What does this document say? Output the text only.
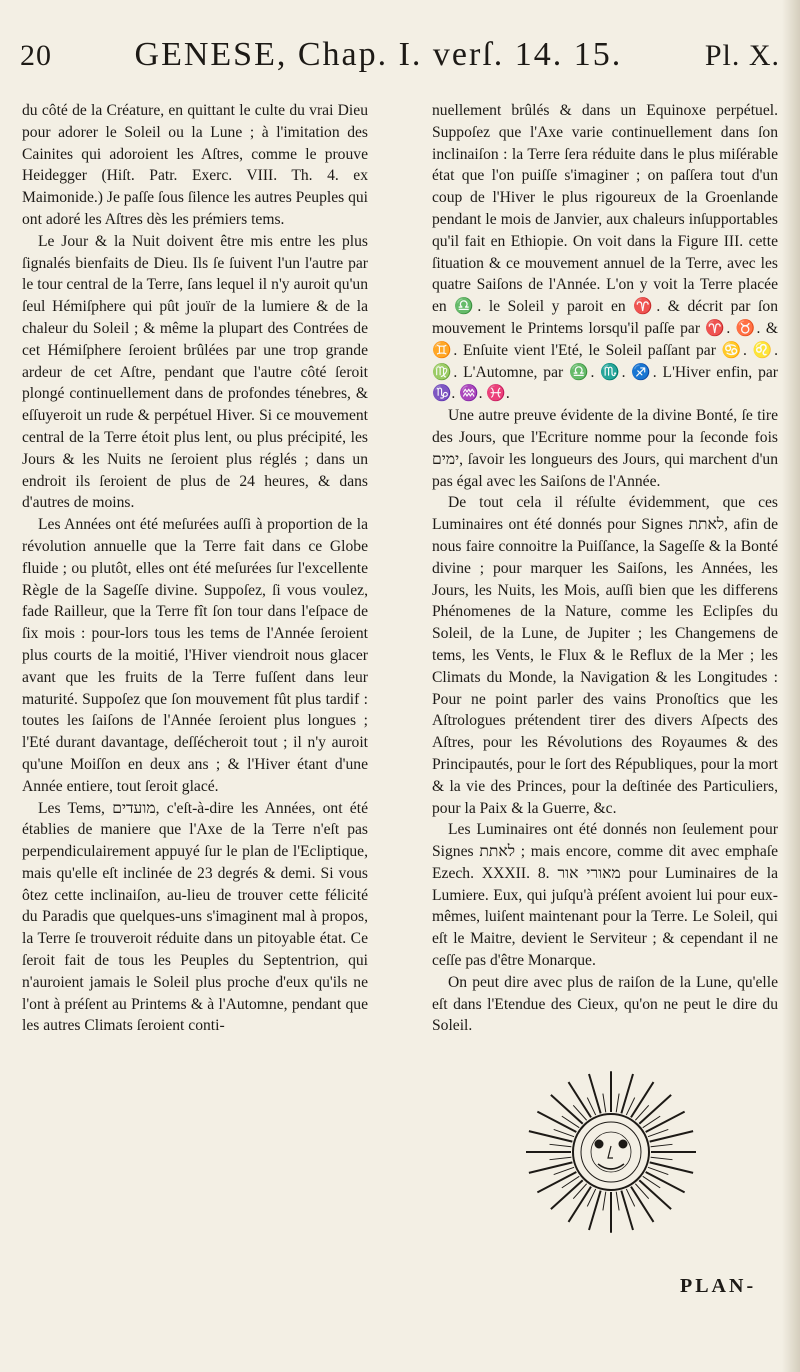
20 GENESE, Chap. I. verſ. 14. 15.	Pl. X.

du côté de la Créature, en quittant le culte du vrai Dieu pour adorer le Soleil ou la Lune ; à l'imitation des Cainites qui adoroient les Aſtres, comme le prouve Heidegger (Hiſt. Patr. Exerc. VIII. Th. 4. ex Maimonide.) Je paſſe ſous ſilence les autres Peuples qui ont adoré les Aſtres dès les prémiers tems.

Le Jour & la Nuit doivent être mis entre les plus ſignalés bienfaits de Dieu. Ils ſe ſuivent l'un l'autre par le tour central de la Terre, ſans lequel il n'y auroit qu'un ſeul Hémiſphere qui pût jouïr de la lumiere & de la chaleur du Soleil ; & même la plupart des Contrées de cet Hémiſphere ſeroient brûlées par une trop grande ardeur de cet Aſtre, pendant que l'autre côté ſeroit plongé continuellement dans de profondes ténebres, & eſſuyeroit un rude & perpétuel Hiver. Si ce mouvement central de la Terre étoit plus lent, ou plus précipité, les Jours & les Nuits ne ſeroient plus réglés ; dans un endroit ils ſeroient de plus de 24 heures, & dans d'autres de moins.

Les Années ont été meſurées auſſi à proportion de la révolution annuelle que la Terre fait dans ce Globe fluide ; ou plutôt, elles ont été meſurées ſur l'excellente Règle de la Sageſſe divine. Suppoſez, ſi vous voulez, fade Railleur, que la Terre fît ſon tour dans l'eſpace de ſix mois : pour-lors tous les tems de l'Année ſeroient plus courts de la moitié, l'Hiver viendroit nous glacer avant que les fruits de la Terre fuſſent dans leur maturité. Suppoſez que ſon mouvement fût plus tardif : toutes les ſaiſons de l'Année ſeroient plus longues ; l'Eté durant davantage, deſſécheroit tout ; il n'y auroit qu'une Moiſſon en deux ans ; & l'Hiver étant d'une Année entiere, tout ſeroit glacé.

Les Tems, מועדים, c'eſt-à-dire les Années, ont été établies de maniere que l'Axe de la Terre n'eſt pas perpendiculairement appuyé ſur le plan de l'Ecliptique, mais qu'elle eſt inclinée de 23 degrés & demi. Si vous ôtez cette inclinaiſon, au-lieu de trouver cette félicité du Paradis que quelques-uns s'imaginent mal à propos, la Terre ſe trouveroit réduite dans un pitoyable état. Ce ſeroit fait de tous les Peuples du Septentrion, qui n'auroient jamais le Soleil plus proche d'eux qu'ils ne l'ont à préſent au Printems & à l'Automne, pendant que les autres Climats ſeroient conti-

nuellement brûlés & dans un Equinoxe perpétuel. Suppoſez que l'Axe varie continuellement dans ſon inclinaiſon : la Terre ſera réduite dans le plus miſérable état que l'on puiſſe s'imaginer ; on paſſera tout d'un coup de l'Hiver le plus rigoureux de la Groenlande pendant le mois de Janvier, aux chaleurs inſupportables qu'il fait en Ethiopie. On voit dans la Figure III. cette ſituation & ce mouvement annuel de la Terre, avec les quatre Saiſons de l'Année. L'on y voit la Terre placée en ♎. le Soleil y paroit en ♈. & décrit par ſon mouvement le Printems lorsqu'il paſſe par ♈. ♉. & ♊. Enſuite vient l'Eté, le Soleil paſſant par ♋. ♌. ♍. L'Automne, par ♎. ♏. ♐. L'Hiver enfin, par ♑. ♒. ♓.

Une autre preuve évidente de la divine Bonté, ſe tire des Jours, que l'Ecriture nomme pour la ſeconde fois ימים, ſavoir les longueurs des Jours, qui marchent d'un pas égal avec les Saiſons de l'Année.

De tout cela il réſulte évidemment, que ces Luminaires ont été donnés pour Signes לאתת, afin de nous faire connoitre la Puiſſance, la Sageſſe & la Bonté divine ; pour marquer les Saiſons, les Années, les Jours, les Nuits, les Mois, auſſi bien que les differens Phénomenes de la Nature, comme les Eclipſes du Soleil, de la Lune, de Jupiter ; les Changemens de tems, les Vents, le Flux & le Reflux de la Mer ; les Climats du Monde, la Navigation & les Longitudes : Pour ne point parler des vains Pronoſtics que les Aſtrologues prétendent tirer des divers Aſpects des Aſtres, pour les Révolutions des Royaumes & des Principautés, pour le ſort des Républiques, pour la mort & la vie des Princes, pour la deſtinée des Particuliers, pour la Paix & la Guerre, &c.

Les Luminaires ont été donnés non ſeulement pour Signes לאתת ; mais encore, comme dit avec emphaſe Ezech. XXXII. 8. מאורי אור pour Luminaires de la Lumiere. Eux, qui juſqu'à préſent avoient lui pour eux-mêmes, luiſent maintenant pour la Terre. Le Soleil, qui eſt le Maitre, devient le Serviteur ; & cependant il ne ceſſe pas d'être Monarque.

On peut dire avec plus de raiſon de la Lune, qu'elle eſt dans l'Etendue des Cieux, qu'on ne peut le dire du Soleil.

PLAN-
